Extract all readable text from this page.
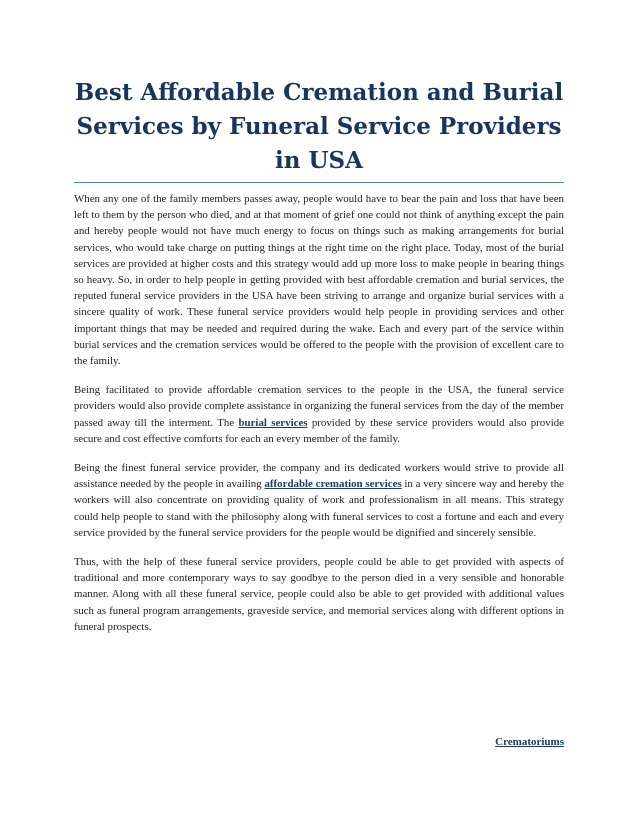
Best Affordable Cremation and Burial Services by Funeral Service Providers in USA

When any one of the family members passes away, people would have to bear the pain and loss that have been left to them by the person who died, and at that moment of grief one could not think of anything except the pain and hereby people would not have much energy to focus on things such as making arrangements for burial services, who would take charge on putting things at the right time on the right place. Today, most of the burial services are provided at higher costs and this strategy would add up more loss to make people in bearing things so heavy. So, in order to help people in getting provided with best affordable cremation and burial services, the reputed funeral service providers in the USA have been striving to arrange and organize burial services with a sincere quality of work. These funeral service providers would help people in providing services and other important things that may be needed and required during the wake. Each and every part of the service within burial services and the cremation services would be offered to the people with the provision of excellent care to the family.

Being facilitated to provide affordable cremation services to the people in the USA, the funeral service providers would also provide complete assistance in organizing the funeral services from the day of the member passed away till the interment. The burial services provided by these service providers would also provide secure and cost effective comforts for each an every member of the family.

Being the finest funeral service provider, the company and its dedicated workers would strive to provide all assistance needed by the people in availing affordable cremation services in a very sincere way and hereby the workers will also concentrate on providing quality of work and professionalism in all means. This strategy could help people to stand with the philosophy along with funeral services to cost a fortune and each and every service provided by the funeral service providers for the people would be dignified and sincerely sensible.

Thus, with the help of these funeral service providers, people could be able to get provided with aspects of traditional and more contemporary ways to say goodbye to the person died in a very sensible and honorable manner. Along with all these funeral service, people could also be able to get provided with additional values such as funeral program arrangements, graveside service, and memorial services along with different options in funeral prospects.

Crematoriums
